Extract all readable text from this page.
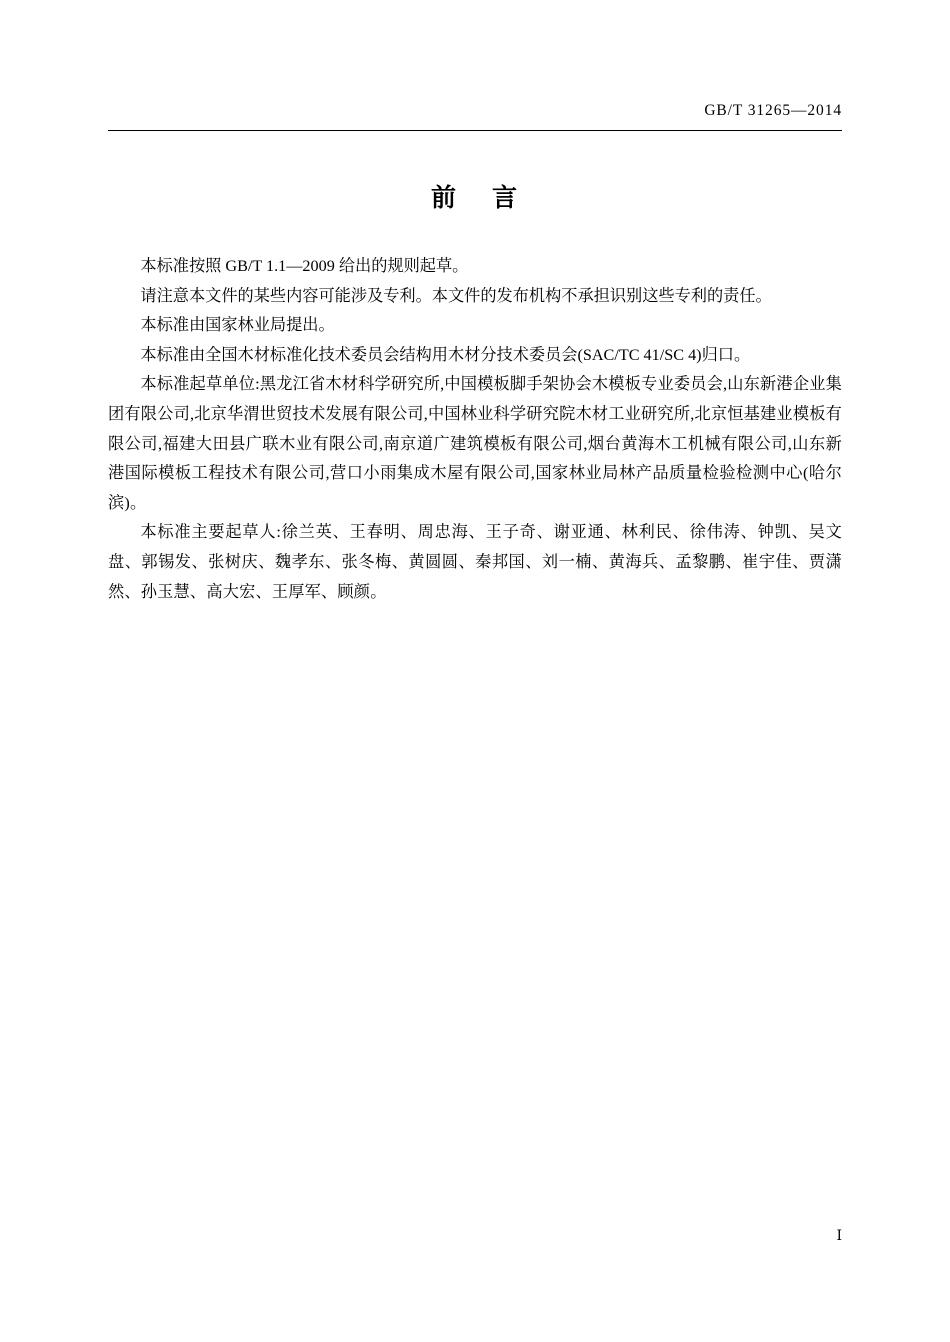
GB/T 31265—2014
前 言

本标准按照 GB/T 1.1—2009 给出的规则起草。

请注意本文件的某些内容可能涉及专利。本文件的发布机构不承担识别这些专利的责任。

本标准由国家林业局提出。

本标准由全国木材标准化技术委员会结构用木材分技术委员会(SAC/TC 41/SC 4)归口。

本标准起草单位:黑龙江省木材科学研究所,中国模板脚手架协会木模板专业委员会,山东新港企业集团有限公司,北京华渭世贸技术发展有限公司,中国林业科学研究院木材工业研究所,北京恒基建业模板有限公司,福建大田县广联木业有限公司,南京道广建筑模板有限公司,烟台黄海木工机械有限公司,山东新港国际模板工程技术有限公司,营口小雨集成木屋有限公司,国家林业局林产品质量检验检测中心(哈尔滨)。

本标准主要起草人:徐兰英、王春明、周忠海、王子奇、谢亚通、林利民、徐伟涛、钟凯、吴文盘、郭锡发、张树庆、魏孝东、张冬梅、黄圆圆、秦邦国、刘一楠、黄海兵、孟黎鹏、崔宇佳、贾潇然、孙玉慧、高大宏、王厚军、顾颜。

Ⅰ
